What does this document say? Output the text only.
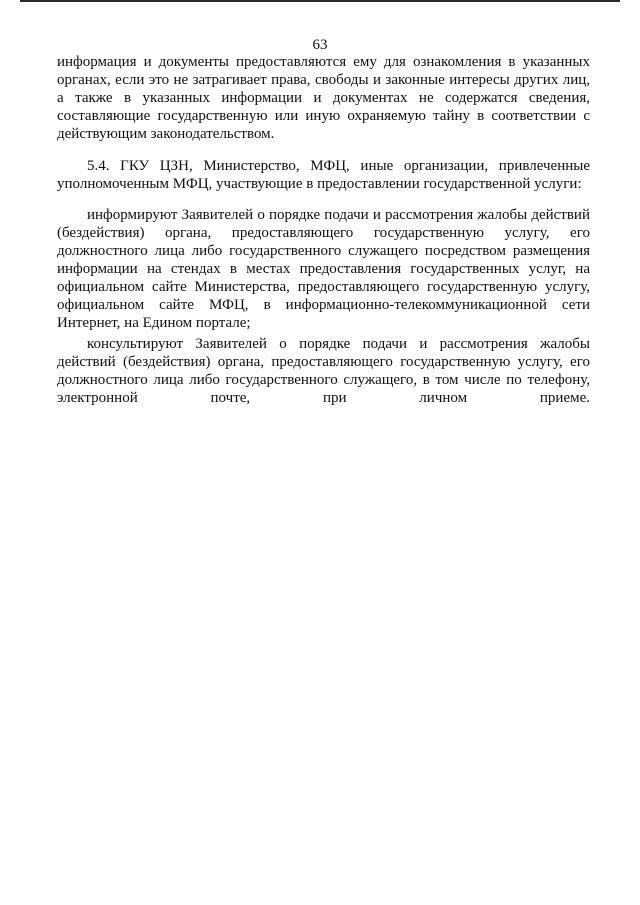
63
информация и документы предоставляются ему для ознакомления в указанных
органах, если это не затрагивает права, свободы и законные интересы других лиц,
а также в указанных информации и документах не содержатся сведения,
составляющие государственную или иную охраняемую тайну в соответствии с
действующим законодательством.
5.4. ГКУ ЦЗН, Министерство, МФЦ, иные организации, привлеченные
уполномоченным МФЦ, участвующие в предоставлении государственной услуги:
информируют Заявителей о порядке подачи и рассмотрения жалобы действий
(бездействия) органа, предоставляющего государственную услугу, его
должностного лица либо государственного служащего посредством размещения
информации на стендах в местах предоставления государственных услуг, на
официальном сайте Министерства, предоставляющего государственную услугу,
официальном сайте МФЦ, в информационно-телекоммуникационной сети
Интернет, на Едином портале;
консультируют Заявителей о порядке подачи и рассмотрения жалобы
действий (бездействия) органа, предоставляющего государственную услугу, его
должностного лица либо государственного служащего, в том числе по телефону,
электронной почте, при личном приеме.
